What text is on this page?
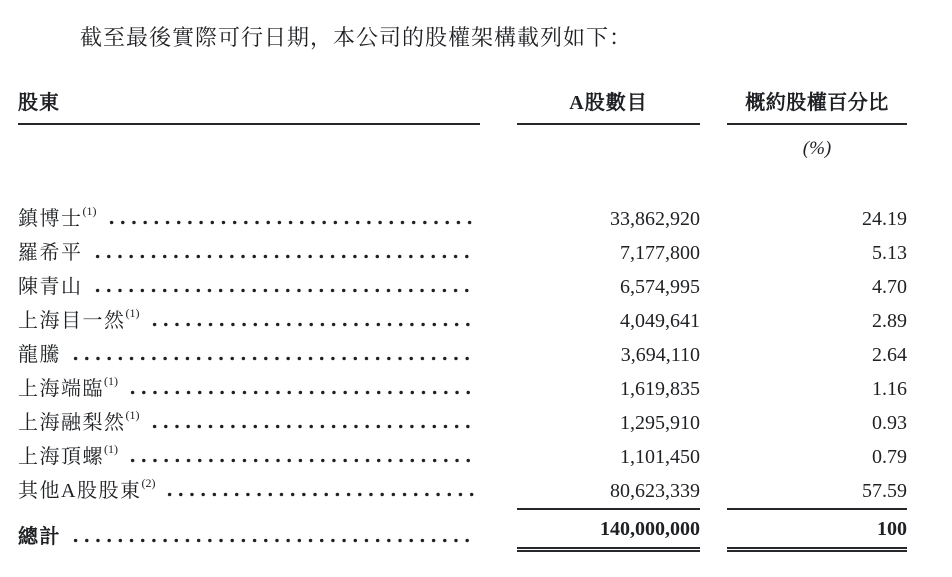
截至最後實際可行日期，本公司的股權架構載列如下：

股東	A股數目	概約股權百分比
(%)
鎮博士 (1)	33,862,920	24.19
羅希平	7,177,800	5.13
陳青山	6,574,995	4.70
上海目一然 (1)	4,049,641	2.89
龍騰	3,694,110	2.64
上海端臨 (1)	1,619,835	1.16
上海融梨然 (1)	1,295,910	0.93
上海頂螺 (1)	1,101,450	0.79
其他A股股東 (2)	80,623,339	57.59
總計	140,000,000	100
